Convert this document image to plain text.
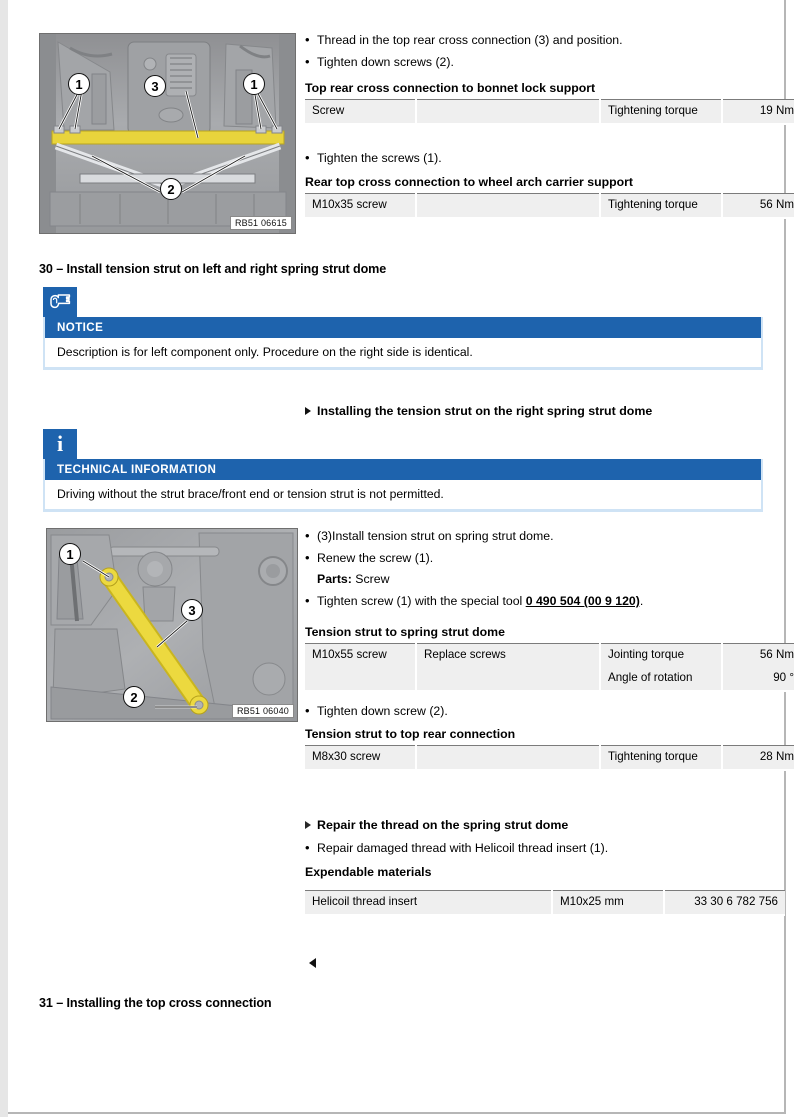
1	3	1
2
RB51 06615
• Thread in the top rear cross connection (3) and position.
• Tighten down screws (2).
Top rear cross connection to bonnet lock support
Screw		Tightening torque	19 Nm
• Tighten the screws (1).
Rear top cross connection to wheel arch carrier support
M10x35 screw		Tightening torque	56 Nm
30 – Install tension strut on left and right spring strut dome
NOTICE
Description is for left component only. Procedure on the right side is identical.
Installing the tension strut on the right spring strut dome
i
TECHNICAL INFORMATION
Driving without the strut brace/front end or tension strut is not permitted.
1
3
2
RB51 06040
• (3)Install tension strut on spring strut dome.
• Renew the screw (1).
Parts: Screw
• Tighten screw (1) with the special tool 0 490 504 (00 9 120).
Tension strut to spring strut dome
M10x55 screw	Replace screws	Jointing torque	56 Nm
		Angle of rotation	90 °
• Tighten down screw (2).
Tension strut to top rear connection
M8x30 screw		Tightening torque	28 Nm
Repair the thread on the spring strut dome
• Repair damaged thread with Helicoil thread insert (1).
Expendable materials
Helicoil thread insert	M10x25 mm	33 30 6 782 756
31 – Installing the top cross connection
